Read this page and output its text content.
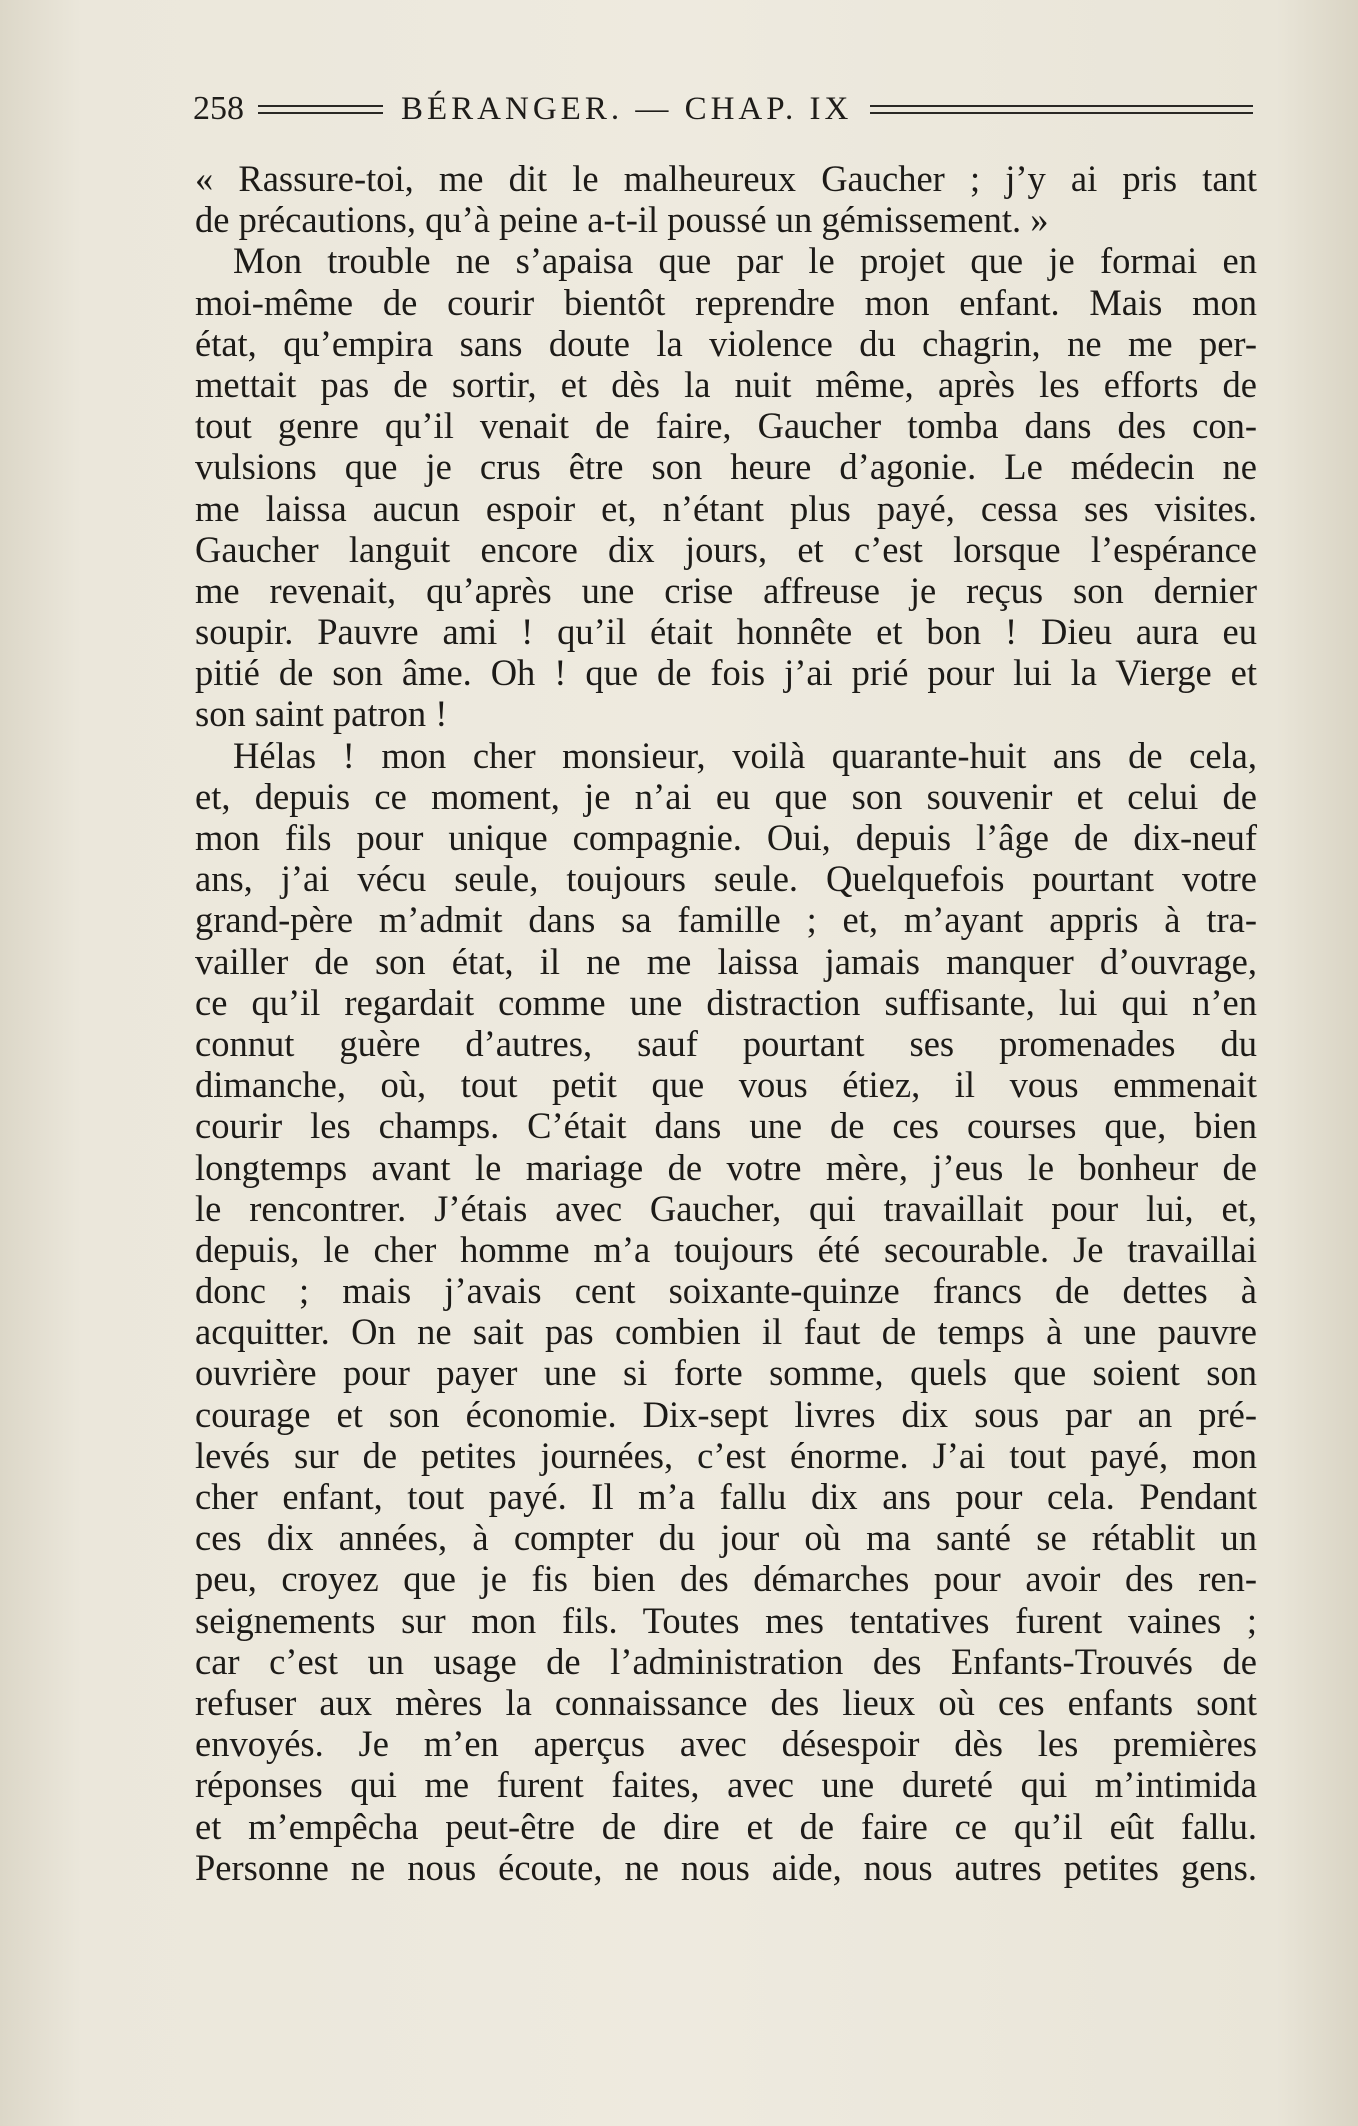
258	BÉRANGER. — CHAP. IX
« Rassure-toi, me dit le malheureux Gaucher ; j’y ai pris tant
de précautions, qu’à peine a-t-il poussé un gémissement. »
Mon trouble ne s’apaisa que par le projet que je formai en
moi-même de courir bientôt reprendre mon enfant. Mais mon
état, qu’empira sans doute la violence du chagrin, ne me per-
mettait pas de sortir, et dès la nuit même, après les efforts de
tout genre qu’il venait de faire, Gaucher tomba dans des con-
vulsions que je crus être son heure d’agonie. Le médecin ne
me laissa aucun espoir et, n’étant plus payé, cessa ses visites.
Gaucher languit encore dix jours, et c’est lorsque l’espérance
me revenait, qu’après une crise affreuse je reçus son dernier
soupir. Pauvre ami ! qu’il était honnête et bon ! Dieu aura eu
pitié de son âme. Oh ! que de fois j’ai prié pour lui la Vierge et
son saint patron !
Hélas ! mon cher monsieur, voilà quarante-huit ans de cela,
et, depuis ce moment, je n’ai eu que son souvenir et celui de
mon fils pour unique compagnie. Oui, depuis l’âge de dix-neuf
ans, j’ai vécu seule, toujours seule. Quelquefois pourtant votre
grand-père m’admit dans sa famille ; et, m’ayant appris à tra-
vailler de son état, il ne me laissa jamais manquer d’ouvrage,
ce qu’il regardait comme une distraction suffisante, lui qui n’en
connut guère d’autres, sauf pourtant ses promenades du
dimanche, où, tout petit que vous étiez, il vous emmenait
courir les champs. C’était dans une de ces courses que, bien
longtemps avant le mariage de votre mère, j’eus le bonheur de
le rencontrer. J’étais avec Gaucher, qui travaillait pour lui, et,
depuis, le cher homme m’a toujours été secourable. Je travaillai
donc ; mais j’avais cent soixante-quinze francs de dettes à
acquitter. On ne sait pas combien il faut de temps à une pauvre
ouvrière pour payer une si forte somme, quels que soient son
courage et son économie. Dix-sept livres dix sous par an pré-
levés sur de petites journées, c’est énorme. J’ai tout payé, mon
cher enfant, tout payé. Il m’a fallu dix ans pour cela. Pendant
ces dix années, à compter du jour où ma santé se rétablit un
peu, croyez que je fis bien des démarches pour avoir des ren-
seignements sur mon fils. Toutes mes tentatives furent vaines ;
car c’est un usage de l’administration des Enfants-Trouvés de
refuser aux mères la connaissance des lieux où ces enfants sont
envoyés. Je m’en aperçus avec désespoir dès les premières
réponses qui me furent faites, avec une dureté qui m’intimida
et m’empêcha peut-être de dire et de faire ce qu’il eût fallu.
Personne ne nous écoute, ne nous aide, nous autres petites gens.
